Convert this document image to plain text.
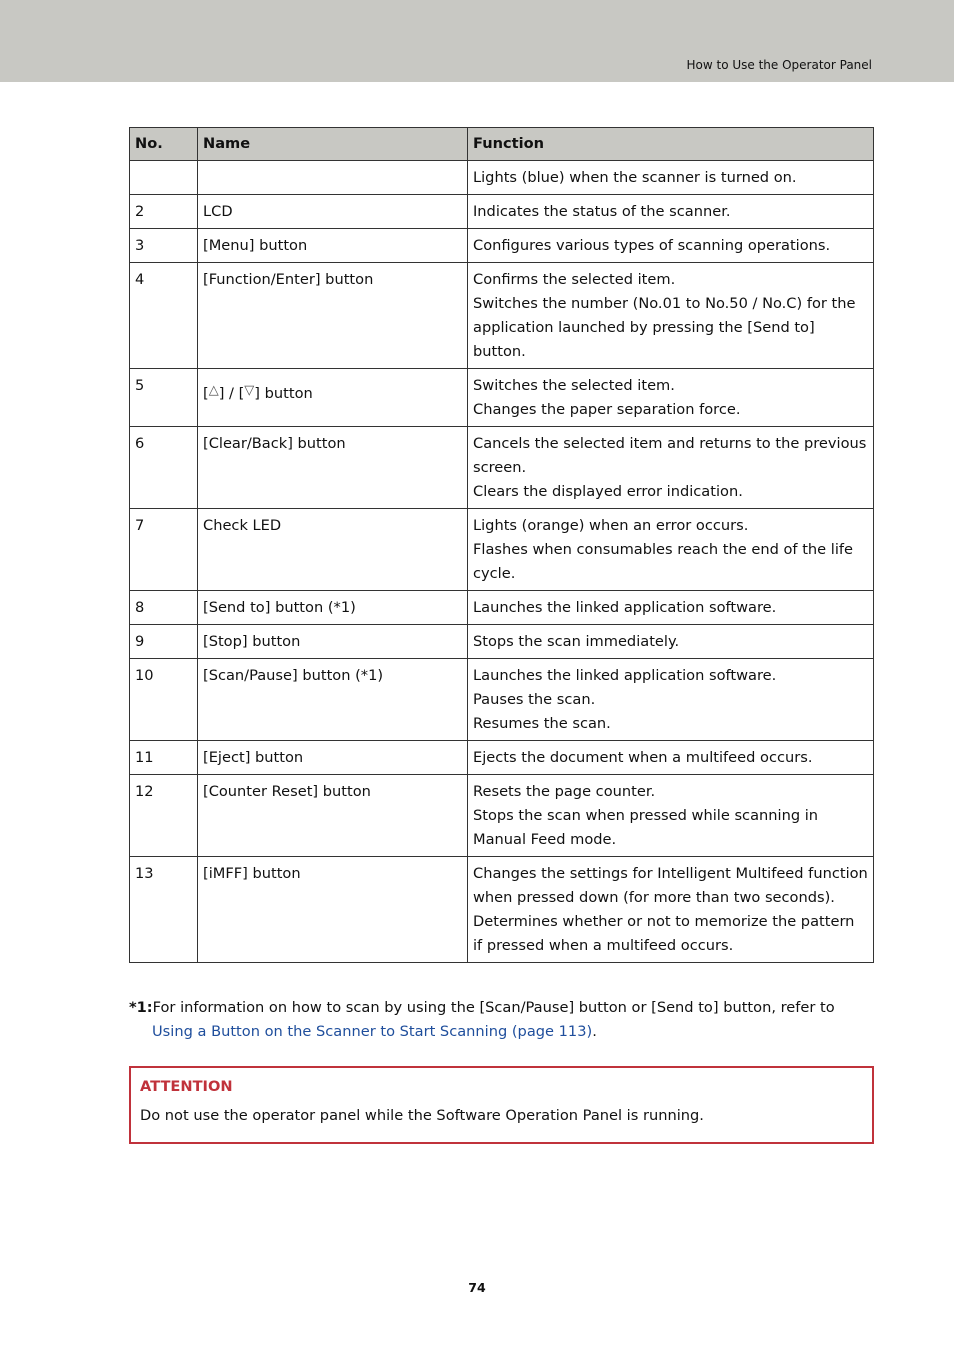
How to Use the Operator Panel
No.	Name	Function

		Lights (blue) when the scanner is turned on.

2	LCD	Indicates the status of the scanner.

3	[Menu] button	Configures various types of scanning operations.

4	[Function/Enter] button	Confirms the selected item.
Switches the number (No.01 to No.50 / No.C) for the application launched by pressing the [Send to] button.

5	[△] / [▽] button	Switches the selected item.
Changes the paper separation force.

6	[Clear/Back] button	Cancels the selected item and returns to the previous screen.
Clears the displayed error indication.

7	Check LED	Lights (orange) when an error occurs.
Flashes when consumables reach the end of the life cycle.

8	[Send to] button (*1)	Launches the linked application software.

9	[Stop] button	Stops the scan immediately.

10	[Scan/Pause] button (*1)	Launches the linked application software.
Pauses the scan.
Resumes the scan.

11	[Eject] button	Ejects the document when a multifeed occurs.

12	[Counter Reset] button	Resets the page counter.
Stops the scan when pressed while scanning in Manual Feed mode.

13	[iMFF] button	Changes the settings for Intelligent Multifeed function when pressed down (for more than two seconds).
Determines whether or not to memorize the pattern if pressed when a multifeed occurs.
*1:For information on how to scan by using the [Scan/Pause] button or [Send to] button, refer to
Using a Button on the Scanner to Start Scanning (page 113).
ATTENTION
Do not use the operator panel while the Software Operation Panel is running.
74
